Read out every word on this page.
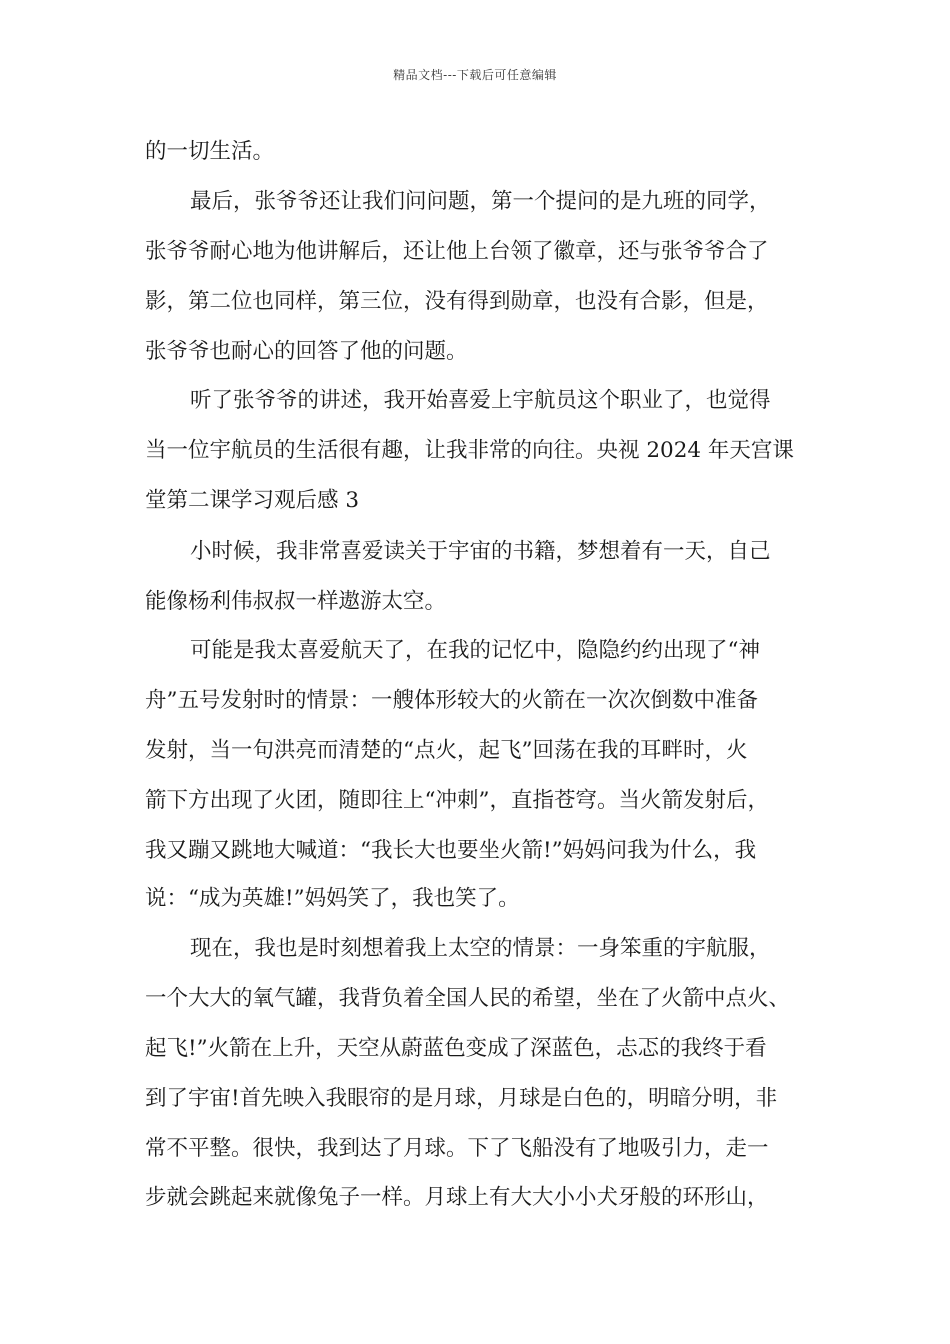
精品文档---下载后可任意编辑
的一切生活。
最后，张爷爷还让我们问问题，第一个提问的是九班的同学，
张爷爷耐心地为他讲解后，还让他上台领了徽章，还与张爷爷合了
影，第二位也同样，第三位，没有得到勋章，也没有合影，但是，
张爷爷也耐心的回答了他的问题。
听了张爷爷的讲述，我开始喜爱上宇航员这个职业了，也觉得
当一位宇航员的生活很有趣，让我非常的向往。央视 2024 年天宫课
堂第二课学习观后感 3
小时候，我非常喜爱读关于宇宙的书籍，梦想着有一天，自己
能像杨利伟叔叔一样遨游太空。
可能是我太喜爱航天了，在我的记忆中，隐隐约约出现了“神
舟”五号发射时的情景：一艘体形较大的火箭在一次次倒数中准备
发射，当一句洪亮而清楚的“点火，起飞”回荡在我的耳畔时，火
箭下方出现了火团，随即往上“冲刺”，直指苍穹。当火箭发射后，
我又蹦又跳地大喊道：“我长大也要坐火箭!”妈妈问我为什么，我
说：“成为英雄!”妈妈笑了，我也笑了。
现在，我也是时刻想着我上太空的情景：一身笨重的宇航服，
一个大大的氧气罐，我背负着全国人民的希望，坐在了火箭中点火、
起飞!”火箭在上升，天空从蔚蓝色变成了深蓝色，忐忑的我终于看
到了宇宙!首先映入我眼帘的是月球，月球是白色的，明暗分明，非
常不平整。很快，我到达了月球。下了飞船没有了地吸引力，走一
步就会跳起来就像兔子一样。月球上有大大小小犬牙般的环形山，
